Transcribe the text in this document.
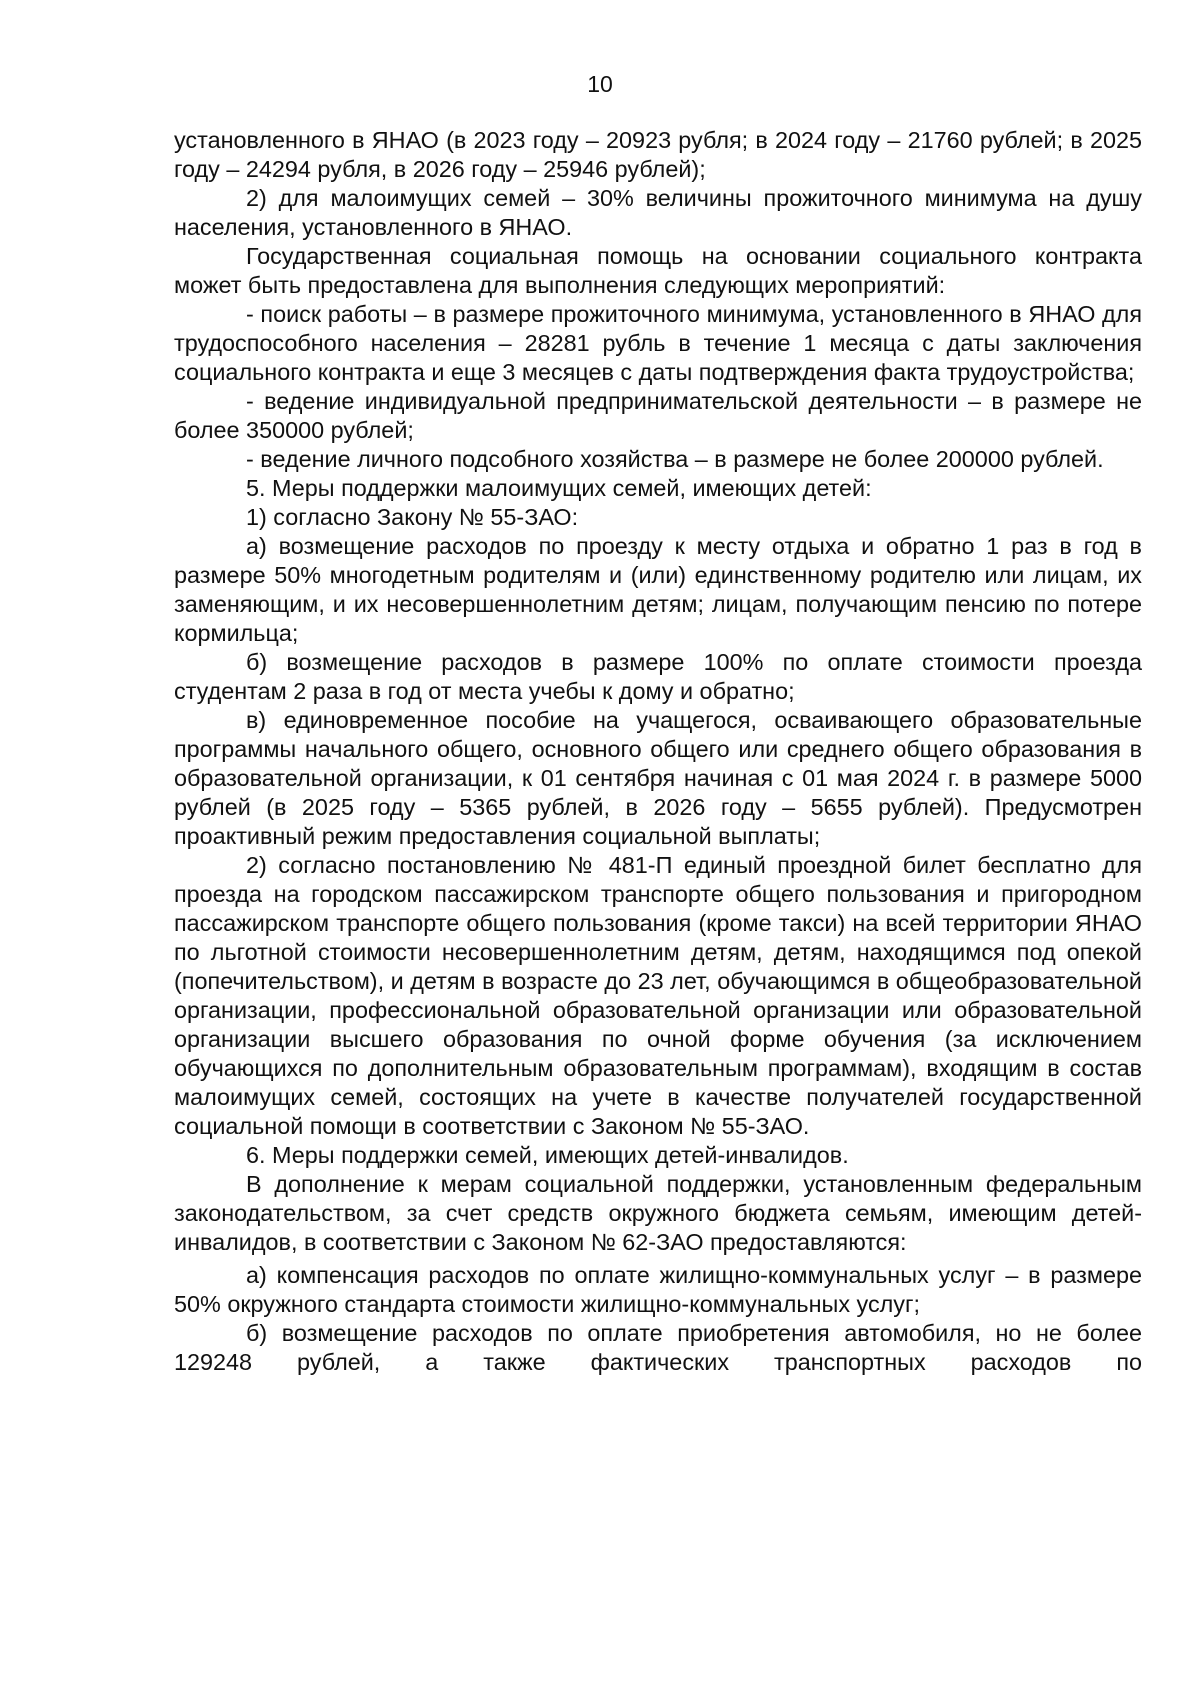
10

установленного в ЯНАО (в 2023 году – 20923 рубля; в 2024 году – 21760 рублей; в 2025 году – 24294 рубля, в 2026 году – 25946 рублей);

2) для малоимущих семей – 30% величины прожиточного минимума на душу населения, установленного в ЯНАО.

Государственная социальная помощь на основании социального контракта может быть предоставлена для выполнения следующих мероприятий:

- поиск работы – в размере прожиточного минимума, установленного в ЯНАО для трудоспособного населения – 28281 рубль в течение 1 месяца с даты заключения социального контракта и еще 3 месяцев с даты подтверждения факта трудоустройства;

- ведение индивидуальной предпринимательской деятельности – в размере не более 350000 рублей;

- ведение личного подсобного хозяйства – в размере не более 200000 рублей.

5. Меры поддержки малоимущих семей, имеющих детей:

1) согласно Закону № 55-ЗАО:

а) возмещение расходов по проезду к месту отдыха и обратно 1 раз в год в размере 50% многодетным родителям и (или) единственному родителю или лицам, их заменяющим, и их несовершеннолетним детям; лицам, получающим пенсию по потере кормильца;

б) возмещение расходов в размере 100% по оплате стоимости проезда студентам 2 раза в год от места учебы к дому и обратно;

в) единовременное пособие на учащегося, осваивающего образовательные программы начального общего, основного общего или среднего общего образования в образовательной организации, к 01 сентября начиная с 01 мая 2024 г. в размере 5000 рублей (в 2025 году – 5365 рублей, в 2026 году – 5655 рублей). Предусмотрен проактивный режим предоставления социальной выплаты;

2) согласно постановлению № 481-П единый проездной билет бесплатно для проезда на городском пассажирском транспорте общего пользования и пригородном пассажирском транспорте общего пользования (кроме такси) на всей территории ЯНАО по льготной стоимости несовершеннолетним детям, детям, находящимся под опекой (попечительством), и детям в возрасте до 23 лет, обучающимся в общеобразовательной организации, профессиональной образовательной организации или образовательной организации высшего образования по очной форме обучения (за исключением обучающихся по дополнительным образовательным программам), входящим в состав малоимущих семей, состоящих на учете в качестве получателей государственной социальной помощи в соответствии с Законом № 55-ЗАО.

6. Меры поддержки семей, имеющих детей-инвалидов.

В дополнение к мерам социальной поддержки, установленным федеральным законодательством, за счет средств окружного бюджета семьям, имеющим детей-инвалидов, в соответствии с Законом № 62-ЗАО предоставляются:

а) компенсация расходов по оплате жилищно-коммунальных услуг – в размере 50% окружного стандарта стоимости жилищно-коммунальных услуг;

б) возмещение расходов по оплате приобретения автомобиля, но не более 129248 рублей, а также фактических транспортных расходов по
